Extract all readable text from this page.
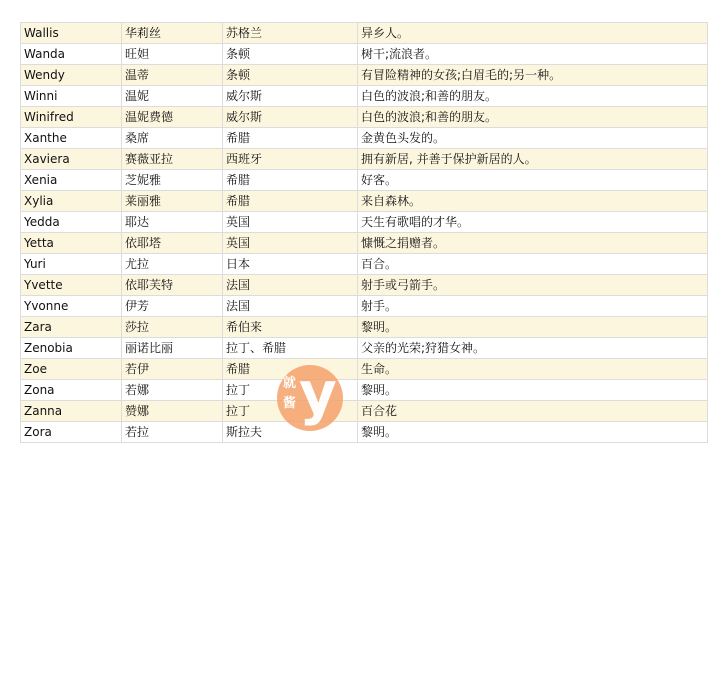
Wallis	华莉丝	苏格兰	异乡人。
Wanda	旺妲	条顿	树干;流浪者。
Wendy	温蒂	条顿	有冒险精神的女孩;白眉毛的;另一种。
Winni	温妮	威尔斯	白色的波浪;和善的朋友。
Winifred	温妮费德	威尔斯	白色的波浪;和善的朋友。
Xanthe	桑席	希腊	金黄色头发的。
Xaviera	赛薇亚拉	西班牙	拥有新居, 并善于保护新居的人。
Xenia	芝妮雅	希腊	好客。
Xylia	莱丽雅	希腊	来自森林。
Yedda	耶达	英国	天生有歌唱的才华。
Yetta	依耶塔	英国	慷慨之捐赠者。
Yuri	尤拉	日本	百合。
Yvette	依耶芙特	法国	射手或弓箭手。
Yvonne	伊芳	法国	射手。
Zara	莎拉	希伯来	黎明。
Zenobia	丽诺比丽	拉丁、希腊	父亲的光荣;狩猎女神。
Zoe	若伊	希腊	生命。
Zona	若娜	拉丁	黎明。
Zanna	赞娜	拉丁	百合花
Zora	若拉	斯拉夫	黎明。
就
酱 y
